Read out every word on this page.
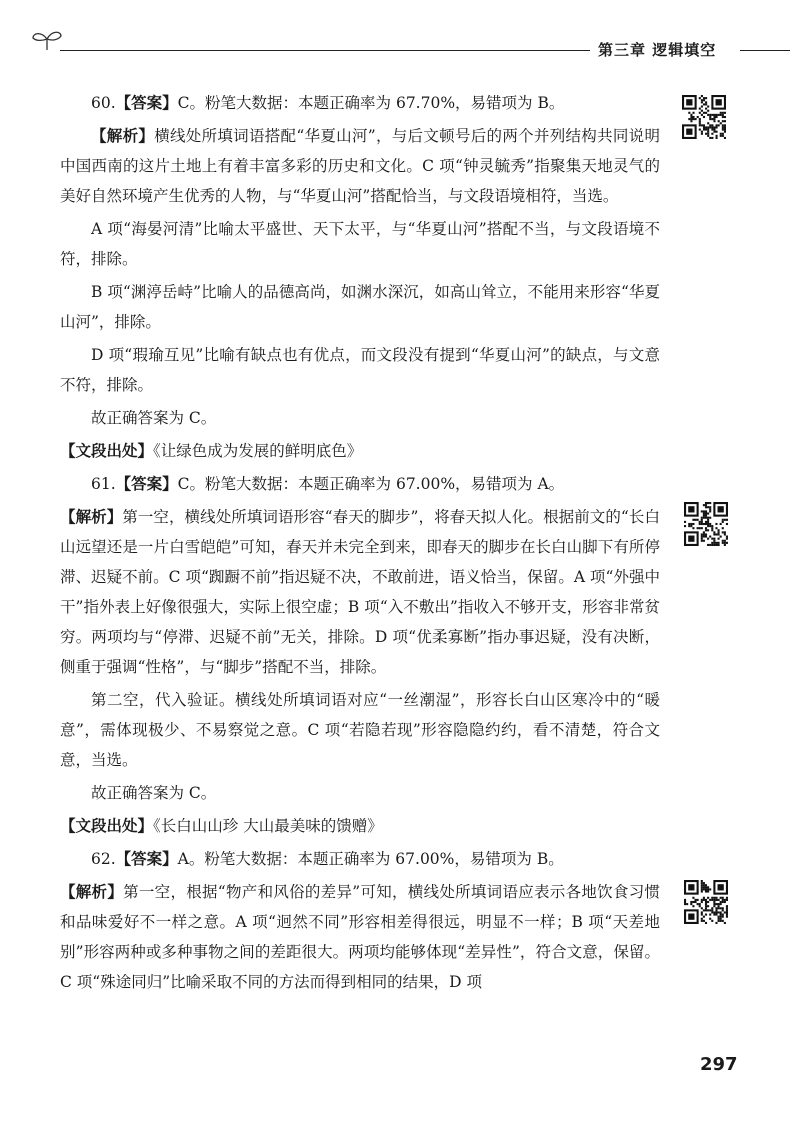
第三章 逻辑填空

60.【答案】C。粉笔大数据：本题正确率为 67.70%，易错项为 B。

【解析】横线处所填词语搭配“华夏山河”，与后文顿号后的两个并列结构共同说明中国西南的这片土地上有着丰富多彩的历史和文化。C 项“钟灵毓秀”指聚集天地灵气的美好自然环境产生优秀的人物，与“华夏山河”搭配恰当，与文段语境相符，当选。

A 项“海晏河清”比喻太平盛世、天下太平，与“华夏山河”搭配不当，与文段语境不符，排除。

B 项“渊渟岳峙”比喻人的品德高尚，如渊水深沉，如高山耸立，不能用来形容“华夏山河”，排除。

D 项“瑕瑜互见”比喻有缺点也有优点，而文段没有提到“华夏山河”的缺点，与文意不符，排除。

故正确答案为 C。

【文段出处】《让绿色成为发展的鲜明底色》

61.【答案】C。粉笔大数据：本题正确率为 67.00%，易错项为 A。

【解析】第一空，横线处所填词语形容“春天的脚步”，将春天拟人化。根据前文的“长白山远望还是一片白雪皑皑”可知，春天并未完全到来，即春天的脚步在长白山脚下有所停滞、迟疑不前。C 项“踟蹰不前”指迟疑不决，不敢前进，语义恰当，保留。A 项“外强中干”指外表上好像很强大，实际上很空虚；B 项“入不敷出”指收入不够开支，形容非常贫穷。两项均与“停滞、迟疑不前”无关，排除。D 项“优柔寡断”指办事迟疑，没有决断，侧重于强调“性格”，与“脚步”搭配不当，排除。

第二空，代入验证。横线处所填词语对应“一丝潮湿”，形容长白山区寒冷中的“暖意”，需体现极少、不易察觉之意。C 项“若隐若现”形容隐隐约约，看不清楚，符合文意，当选。

故正确答案为 C。

【文段出处】《长白山山珍 大山最美味的馈赠》

62.【答案】A。粉笔大数据：本题正确率为 67.00%，易错项为 B。

【解析】第一空，根据“物产和风俗的差异”可知，横线处所填词语应表示各地饮食习惯和品味爱好不一样之意。A 项“迥然不同”形容相差得很远，明显不一样；B 项“天差地别”形容两种或多种事物之间的差距很大。两项均能够体现“差异性”，符合文意，保留。C 项“殊途同归”比喻采取不同的方法而得到相同的结果，D 项

297
